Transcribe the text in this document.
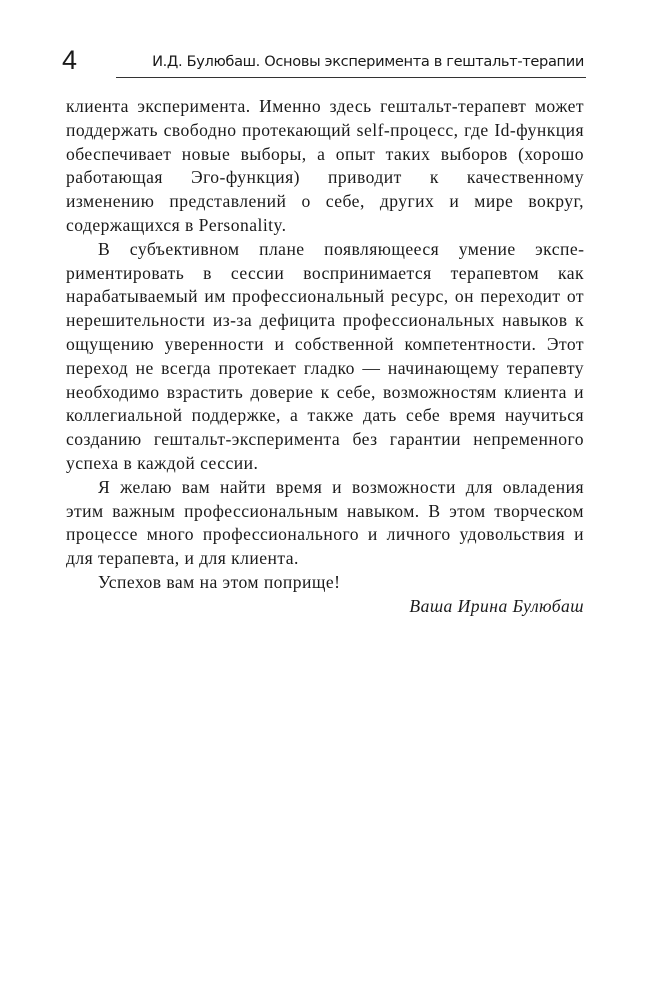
4	И.Д. Булюбаш. Основы эксперимента в гештальт-терапии

клиента эксперимента. Именно здесь гештальт-терапевт может поддержать свободно протекающий self-процесс, где Id-функция обеспечивает новые выборы, а опыт таких выборов (хорошо работающая Эго-функция) приводит к качественному изменению представлений о себе, других и мире вокруг, содержащихся в Personality.

В субъективном плане появляющееся умение экспериментировать в сессии воспринимается терапевтом как нарабатываемый им профессиональный ресурс, он переходит от нерешительности из-за дефицита профессиональных навыков к ощущению уверенности и собственной компетентности. Этот переход не всегда протекает гладко — начинающему терапевту необходимо взрастить доверие к себе, возможностям клиента и коллегиальной поддержке, а также дать себе время научиться созданию гештальт-эксперимента без гарантии непременного успеха в каждой сессии.

Я желаю вам найти время и возможности для овладения этим важным профессиональным навыком. В этом творческом процессе много профессионального и личного удовольствия и для терапевта, и для клиента.

Успехов вам на этом поприще!

Ваша Ирина Булюбаш
